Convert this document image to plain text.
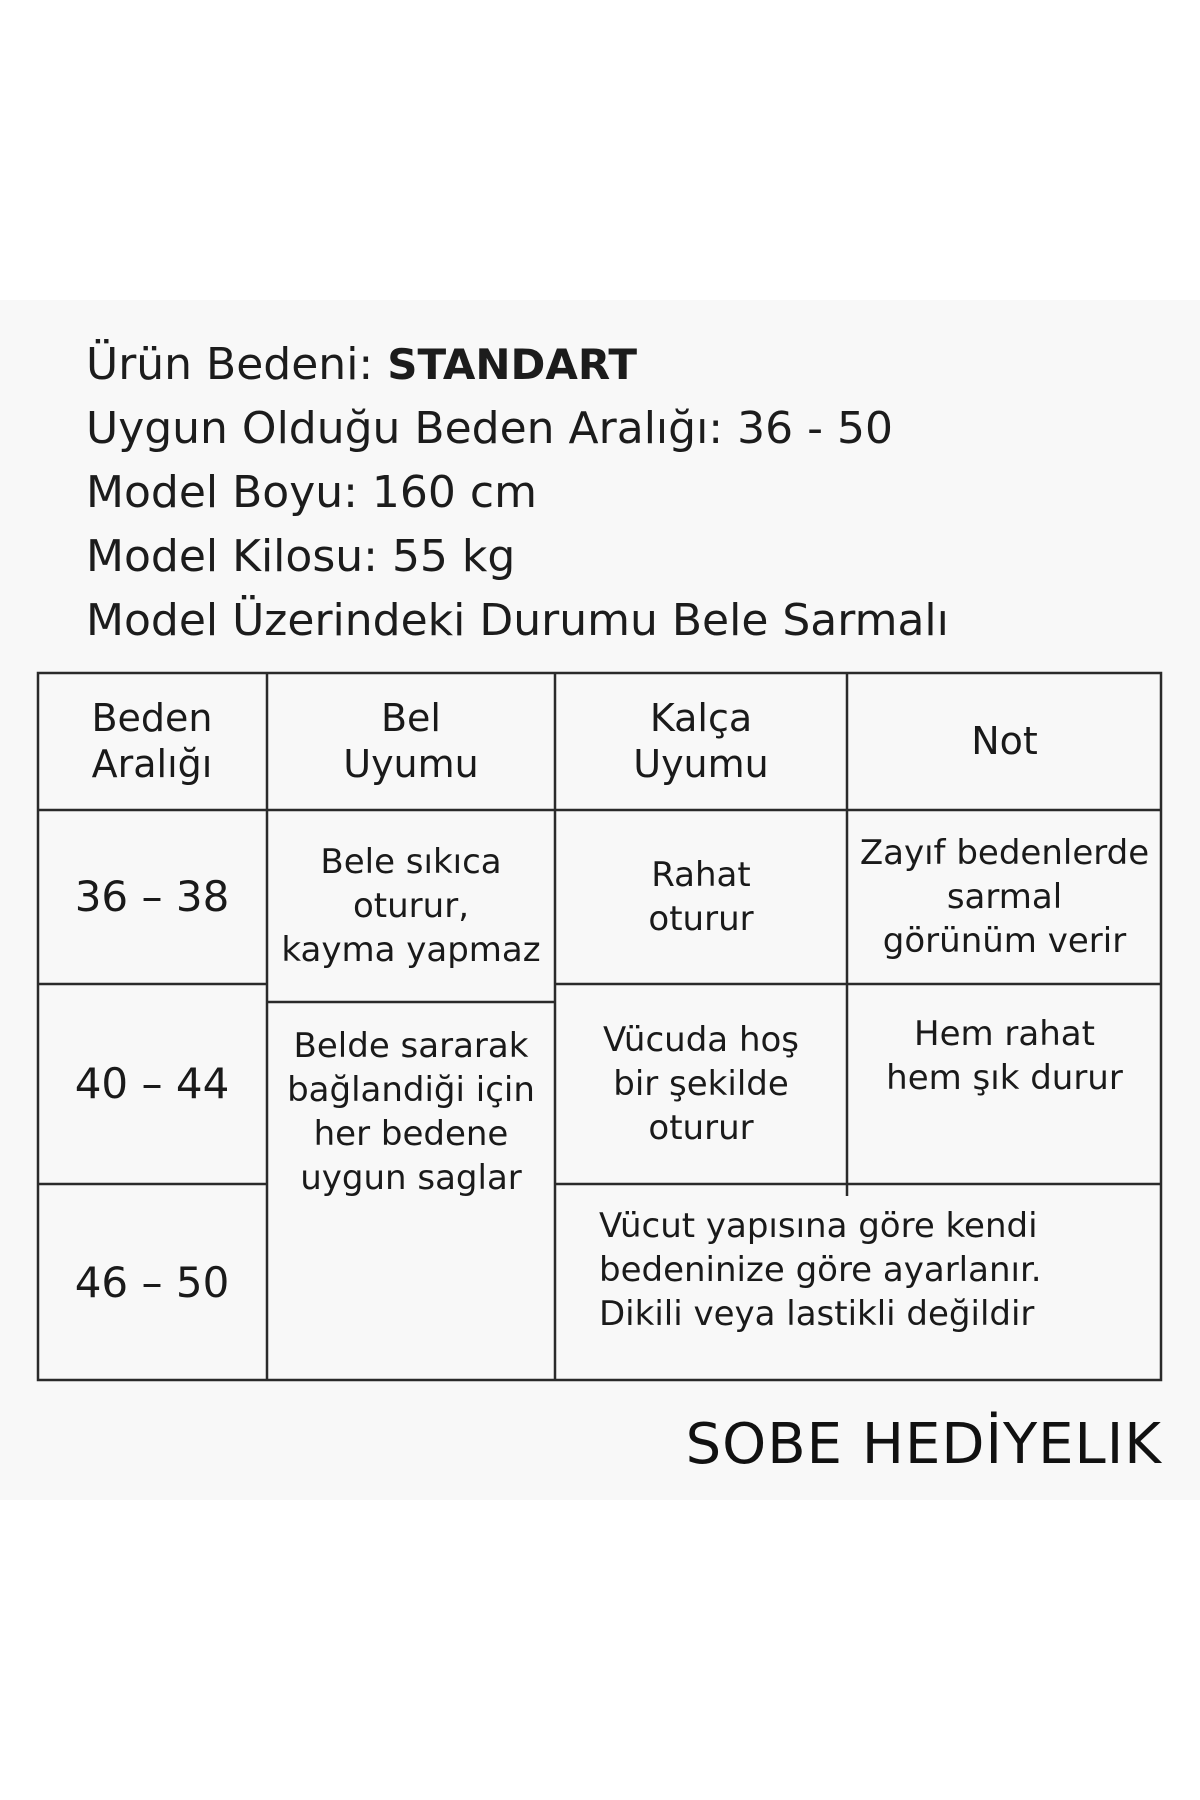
Ürün Bedeni: STANDART
Uygun Olduğu Beden Aralığı: 36 - 50
Model Boyu: 160 cm
Model Kilosu: 55 kg
Model Üzerindeki Durumu Bele Sarmalı
Beden
Aralığı
Bel
Uyumu
Kalça
Uyumu
Not
36 – 38
40 – 44
46 – 50
Bele sıkıca
oturur,
kayma yapmaz
Belde sararak
bağlandiği için
her bedene
uygun saglar
Rahat
oturur
Vücuda hoş
bir şekilde
oturur
Zayıf bedenlerde
sarmal
görünüm verir
Hem rahat
hem şık durur
Vücut yapısına göre kendi
bedeninize göre ayarlanır.
Dikili veya lastikli değildir
SOBE HEDİYELIK
